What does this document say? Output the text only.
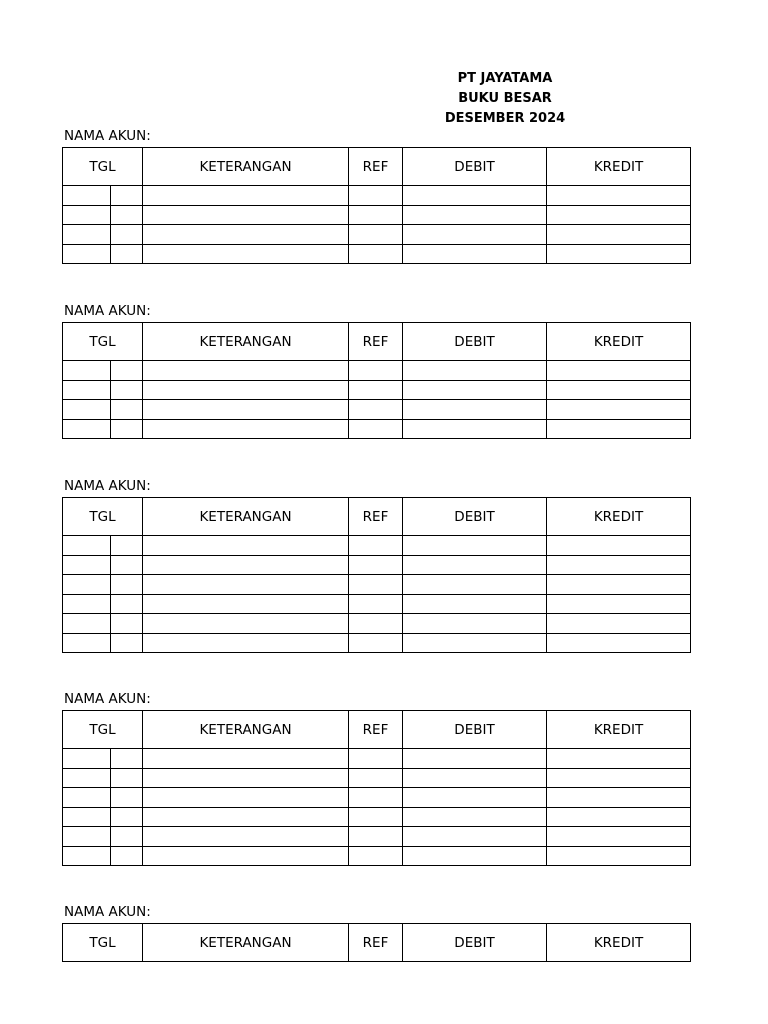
PT JAYATAMA
BUKU BESAR
DESEMBER 2024
NAMA AKUN:
TGL		KETERANGAN	REF	DEBIT	KREDIT

NAMA AKUN:
TGL		KETERANGAN	REF	DEBIT	KREDIT

NAMA AKUN:
TGL		KETERANGAN	REF	DEBIT	KREDIT

NAMA AKUN:
TGL		KETERANGAN	REF	DEBIT	KREDIT

NAMA AKUN:
TGL	KETERANGAN	REF	DEBIT	KREDIT
